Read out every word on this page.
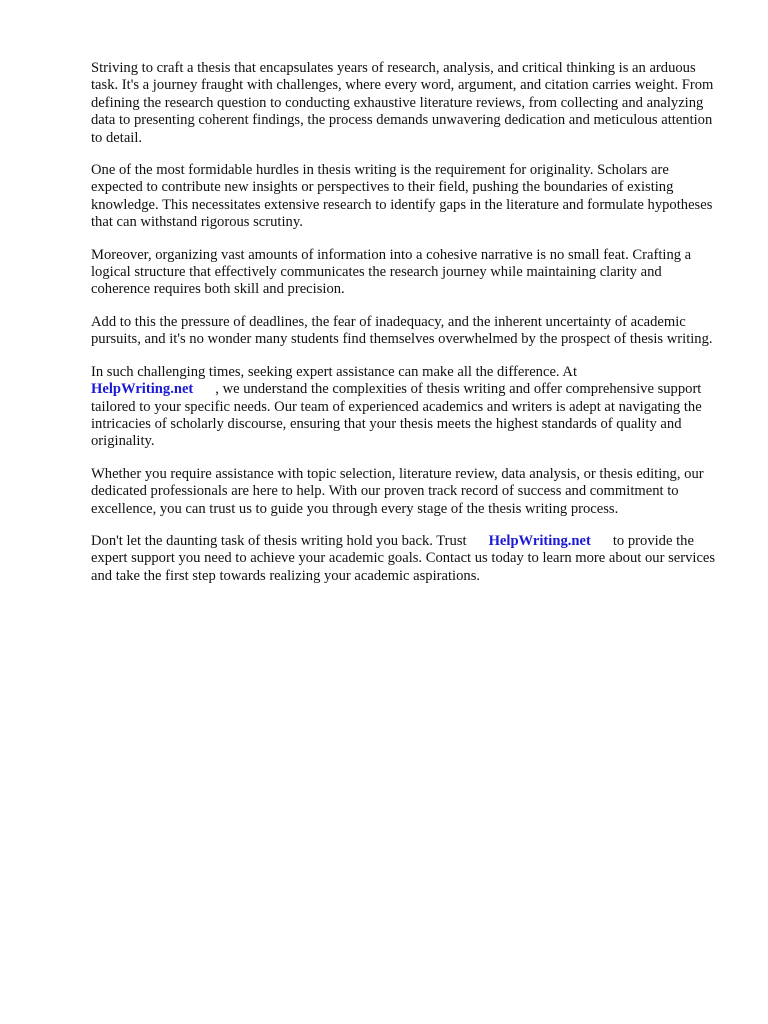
Striving to craft a thesis that encapsulates years of research, analysis, and critical thinking is an arduous task. It's a journey fraught with challenges, where every word, argument, and citation carries weight. From defining the research question to conducting exhaustive literature reviews, from collecting and analyzing data to presenting coherent findings, the process demands unwavering dedication and meticulous attention to detail.

One of the most formidable hurdles in thesis writing is the requirement for originality. Scholars are expected to contribute new insights or perspectives to their field, pushing the boundaries of existing knowledge. This necessitates extensive research to identify gaps in the literature and formulate hypotheses that can withstand rigorous scrutiny.

Moreover, organizing vast amounts of information into a cohesive narrative is no small feat. Crafting a logical structure that effectively communicates the research journey while maintaining clarity and coherence requires both skill and precision.

Add to this the pressure of deadlines, the fear of inadequacy, and the inherent uncertainty of academic pursuits, and it's no wonder many students find themselves overwhelmed by the prospect of thesis writing.

In such challenging times, seeking expert assistance can make all the difference. At
HelpWriting.net , we understand the complexities of thesis writing and offer comprehensive support tailored to your specific needs. Our team of experienced academics and writers is adept at navigating the intricacies of scholarly discourse, ensuring that your thesis meets the highest standards of quality and originality.

Whether you require assistance with topic selection, literature review, data analysis, or thesis editing, our dedicated professionals are here to help. With our proven track record of success and commitment to excellence, you can trust us to guide you through every stage of the thesis writing process.

Don't let the daunting task of thesis writing hold you back. Trust HelpWriting.net to provide the expert support you need to achieve your academic goals. Contact us today to learn more about our services and take the first step towards realizing your academic aspirations.
